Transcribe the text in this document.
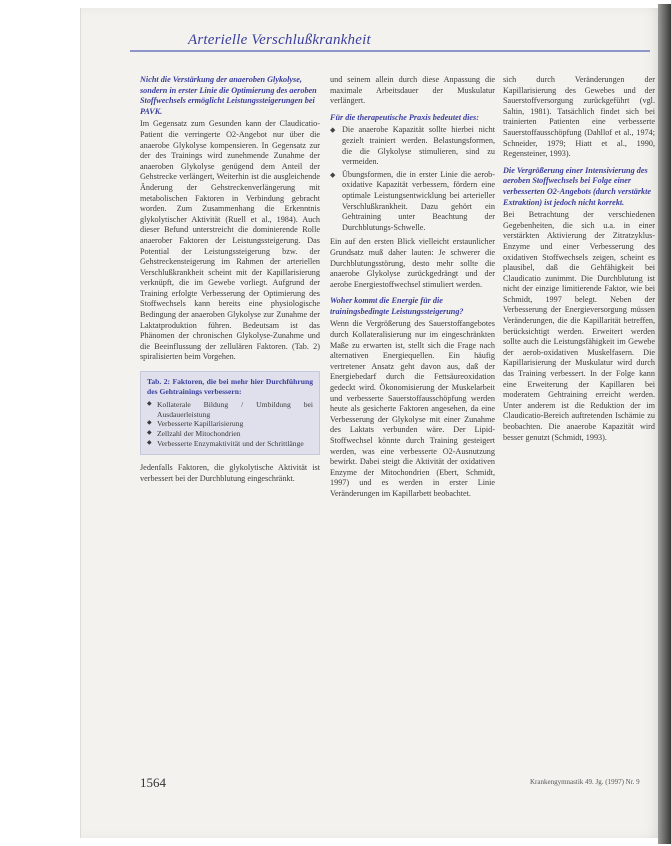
Arterielle Verschlußkrankheit

Nicht die Verstärkung der anaeroben Glykolyse, sondern in erster Linie die Optimierung des aeroben Stoffwechsels ermöglicht Leistungssteigerungen bei PAVK.

Im Gegensatz zum Gesunden kann der Claudicatio-Patient die verringerte O2-Angebot nur über die anaerobe Glykolyse kompensieren. In Gegensatz zur der des Trainings wird zunehmende Zunahme der anaeroben Glykolyse genügend dem Anteil der Gehstrecke verlängert, Weiterhin ist die ausgleichende Änderung der Gehstreckenverlängerung mit metabolischen Faktoren in Verbindung gebracht worden. Zum Zusammenhang die Erkenntnis glykolytischer Aktivität (Ruell et al., 1984). Auch dieser Befund unterstreicht die dominierende Rolle anaerober Faktoren der Leistungssteigerung. Das Potential der Leistungssteigerung bzw. der Gehstreckensteigerung im Rahmen der arteriellen Verschlußkrankheit scheint mit der Kapillarisierung verknüpft, die im Gewebe vorliegt. Aufgrund der Training erfolgte Verbesserung der Optimierung des Stoffwechsels kann bereits eine physiologische Bedingung der anaeroben Glykolyse zur Zunahme der Laktatproduktion führen. Bedeutsam ist das Phänomen der chronischen Glykolyse-Zunahme und die Beeinflussung der zellulären Faktoren. (Tab. 2) spiralisierten beim Vorgehen.

Tab. 2: Faktoren, die bei mehr hier Durchführung des Gehtrainings verbessern:
◆ Kollaterale Bildung / Umbildung bei Ausdauerleistung
◆ Verbesserte Kapillarisierung
◆ Zellzahl der Mitochondrien
◆ Verbesserte Enzymaktivität und der Schrittlänge

Jedenfalls Faktoren, die glykolytische Aktivität ist verbessert bei der Durchblutung eingeschränkt.

und seinem allein durch diese Anpassung die maximale Arbeitsdauer der Muskulatur verlängert.

Für die therapeutische Praxis bedeutet dies:

◆ Die anaerobe Kapazität sollte hierbei nicht gezielt trainiert werden. Belastungsformen, die die Glykolyse stimulieren, sind zu vermeiden.
◆ Übungsformen, die in erster Linie die aerob-oxidative Kapazität verbessern, fördern eine optimale Leistungsentwicklung bei arterieller Verschlußkrankheit. Dazu gehört ein Gehtraining unter Beachtung der Durchblutungs-Schwelle.

Ein auf den ersten Blick vielleicht erstaunlicher Grundsatz muß daher lauten: Je schwerer die Durchblutungsstörung, desto mehr sollte die anaerobe Glykolyse zurückgedrängt und der aerobe Energiestoffwechsel stimuliert werden.

Woher kommt die Energie für die trainingsbedingte Leistungssteigerung?

Wenn die Vergrößerung des Sauerstoffangebotes durch Kollateralisierung nur im eingeschränkten Maße zu erwarten ist, stellt sich die Frage nach alternativen Energiequellen. Ein häufig vertretener Ansatz geht davon aus, daß der Energiebedarf durch die Fettsäureoxidation gedeckt wird. Ökonomisierung der Muskelarbeit und verbesserte Sauerstoffausschöpfung werden heute als gesicherte Faktoren angesehen, da eine Verbesserung der Glykolyse mit einer Zunahme des Laktats verbunden wäre. Der Lipid-Stoffwechsel könnte durch Training gesteigert werden, was eine verbesserte O2-Ausnutzung bewirkt. Dabei steigt die Aktivität der oxidativen Enzyme der Mitochondrien (Ebert, Schmidt, 1997) und es werden in erster Linie Veränderungen im Kapillarbett beobachtet.

sich durch Veränderungen der Kapillarisierung des Gewebes und der Sauerstoffversorgung zurückgeführt (vgl. Saltin, 1981). Tatsächlich findet sich bei trainierten Patienten eine verbesserte Sauerstoffausschöpfung (Dahllof et al., 1974; Schneider, 1979; Hiatt et al., 1990, Regensteiner, 1993).

Die Vergrößerung einer Intensivierung des aeroben Stoffwechsels bei Folge einer verbesserten O2-Angebots (durch verstärkte Extraktion) ist jedoch nicht korrekt.

Bei Betrachtung der verschiedenen Gegebenheiten, die sich u.a. in einer verstärkten Aktivierung der Zitratzyklus-Enzyme und einer Verbesserung des oxidativen Stoffwechsels zeigen, scheint es plausibel, daß die Gehfähigkeit bei Claudicatio zunimmt. Die Durchblutung ist nicht der einzige limitierende Faktor, wie bei Schmidt, 1997 belegt. Neben der Verbesserung der Energieversorgung müssen Veränderungen, die die Kapillarität betreffen, berücksichtigt werden. Erweitert werden sollte auch die Leistungsfähigkeit im Gewebe der aerob-oxidativen Muskelfasern. Die Kapillarisierung der Muskulatur wird durch das Training verbessert. In der Folge kann eine Erweiterung der Kapillaren bei moderatem Gehtraining erreicht werden. Unter anderem ist die Reduktion der im Claudicatio-Bereich auftretenden Ischämie zu beobachten. Die anaerobe Kapazität wird besser genutzt (Schmidt, 1993).

1564	Krankengymnastik 49. Jg. (1997) Nr. 9
